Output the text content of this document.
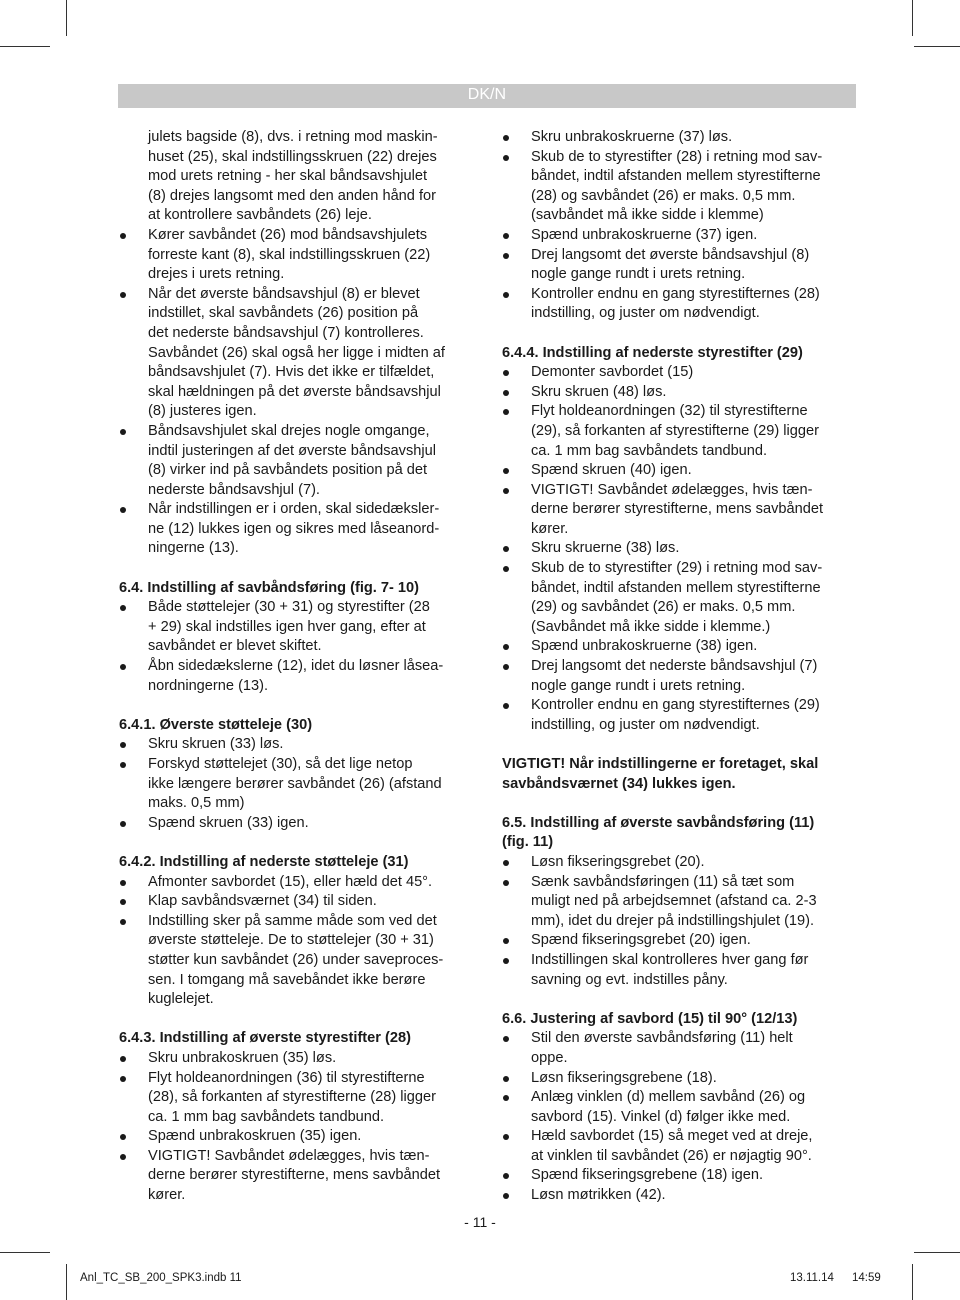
DK/N
julets bagside (8), dvs. i retning mod maskin-
huset (25), skal indstillingsskruen (22) drejes
mod urets retning - her skal båndsavshjulet
(8) drejes langsomt med den anden hånd for
at kontrollere savbåndets (26) leje.
Kører savbåndet (26) mod båndsavshjulets
forreste kant (8), skal indstillingsskruen (22)
drejes i urets retning.
Når det øverste båndsavshjul (8) er blevet
indstillet, skal savbåndets (26) position på
det nederste båndsavshjul (7) kontrolleres.
Savbåndet (26) skal også her ligge i midten af
båndsavshjulet (7). Hvis det ikke er tilfældet,
skal hældningen på det øverste båndsavshjul
(8) justeres igen.
Båndsavshjulet skal drejes nogle omgange,
indtil justeringen af det øverste båndsavshjul
(8) virker ind på savbåndets position på det
nederste båndsavshjul (7).
Når indstillingen er i orden, skal sidedæksler-
ne (12) lukkes igen og sikres med låseanord-
ningerne (13).
6.4. Indstilling af savbåndsføring (fig. 7- 10)
Både støttelejer (30 + 31) og styrestifter (28
+ 29) skal indstilles igen hver gang, efter at
savbåndet er blevet skiftet.
Åbn sidedækslerne (12), idet du løsner låsea-
nordningerne (13).
6.4.1. Øverste støtteleje (30)
Skru skruen (33) løs.
Forskyd støttelejet (30), så det lige netop
ikke længere berører savbåndet (26) (afstand
maks. 0,5 mm)
Spænd skruen (33) igen.
6.4.2. Indstilling af nederste støtteleje (31)
Afmonter savbordet (15), eller hæld det 45°.
Klap savbåndsværnet (34) til siden.
Indstilling sker på samme måde som ved det
øverste støtteleje. De to støttelejer (30 + 31)
støtter kun savbåndet (26) under saveproces-
sen. I tomgang må savebåndet ikke berøre
kuglelejet.
6.4.3. Indstilling af øverste styrestifter (28)
Skru unbrakoskruen (35) løs.
Flyt holdeanordningen (36) til styrestifterne
(28), så forkanten af styrestifterne (28) ligger
ca. 1 mm bag savbåndets tandbund.
Spænd unbrakoskruen (35) igen.
VIGTIGT! Savbåndet ødelægges, hvis tæn-
derne berører styrestifterne, mens savbåndet
kører.
Skru unbrakoskruerne (37) løs.
Skub de to styrestifter (28) i retning mod sav-
båndet, indtil afstanden mellem styrestifterne
(28) og savbåndet (26) er maks. 0,5 mm.
(savbåndet må ikke sidde i klemme)
Spænd unbrakoskruerne (37) igen.
Drej langsomt det øverste båndsavshjul (8)
nogle gange rundt i urets retning.
Kontroller endnu en gang styrestifternes (28)
indstilling, og juster om nødvendigt.
6.4.4. Indstilling af nederste styrestifter (29)
Demonter savbordet (15)
Skru skruen (48) løs.
Flyt holdeanordningen (32) til styrestifterne
(29), så forkanten af styrestifterne (29) ligger
ca. 1 mm bag savbåndets tandbund.
Spænd skruen (40) igen.
VIGTIGT! Savbåndet ødelægges, hvis tæn-
derne berører styrestifterne, mens savbåndet
kører.
Skru skruerne (38) løs.
Skub de to styrestifter (29) i retning mod sav-
båndet, indtil afstanden mellem styrestifterne
(29) og savbåndet (26) er maks. 0,5 mm.
(Savbåndet må ikke sidde i klemme.)
Spænd unbrakoskruerne (38) igen.
Drej langsomt det nederste båndsavshjul (7)
nogle gange rundt i urets retning.
Kontroller endnu en gang styrestifternes (29)
indstilling, og juster om nødvendigt.
VIGTIGT! Når indstillingerne er foretaget, skal
savbåndsværnet (34) lukkes igen.
6.5. Indstilling af øverste savbåndsføring (11)
(fig. 11)
Løsn fikseringsgrebet (20).
Sænk savbåndsføringen (11) så tæt som
muligt ned på arbejdsemnet (afstand ca. 2-3
mm), idet du drejer på indstillingshjulet (19).
Spænd fikseringsgrebet (20) igen.
Indstillingen skal kontrolleres hver gang før
savning og evt. indstilles påny.
6.6. Justering af savbord (15) til 90° (12/13)
Stil den øverste savbåndsføring (11) helt
oppe.
Løsn fikseringsgrebene (18).
Anlæg vinklen (d) mellem savbånd (26) og
savbord (15). Vinkel (d) følger ikke med.
Hæld savbordet (15) så meget ved at dreje,
at vinklen til savbåndet (26) er nøjagtig 90°.
Spænd fikseringsgrebene (18) igen.
Løsn møtrikken (42).
- 11 -
Anl_TC_SB_200_SPK3.indb 11	13.11.14 14:59
